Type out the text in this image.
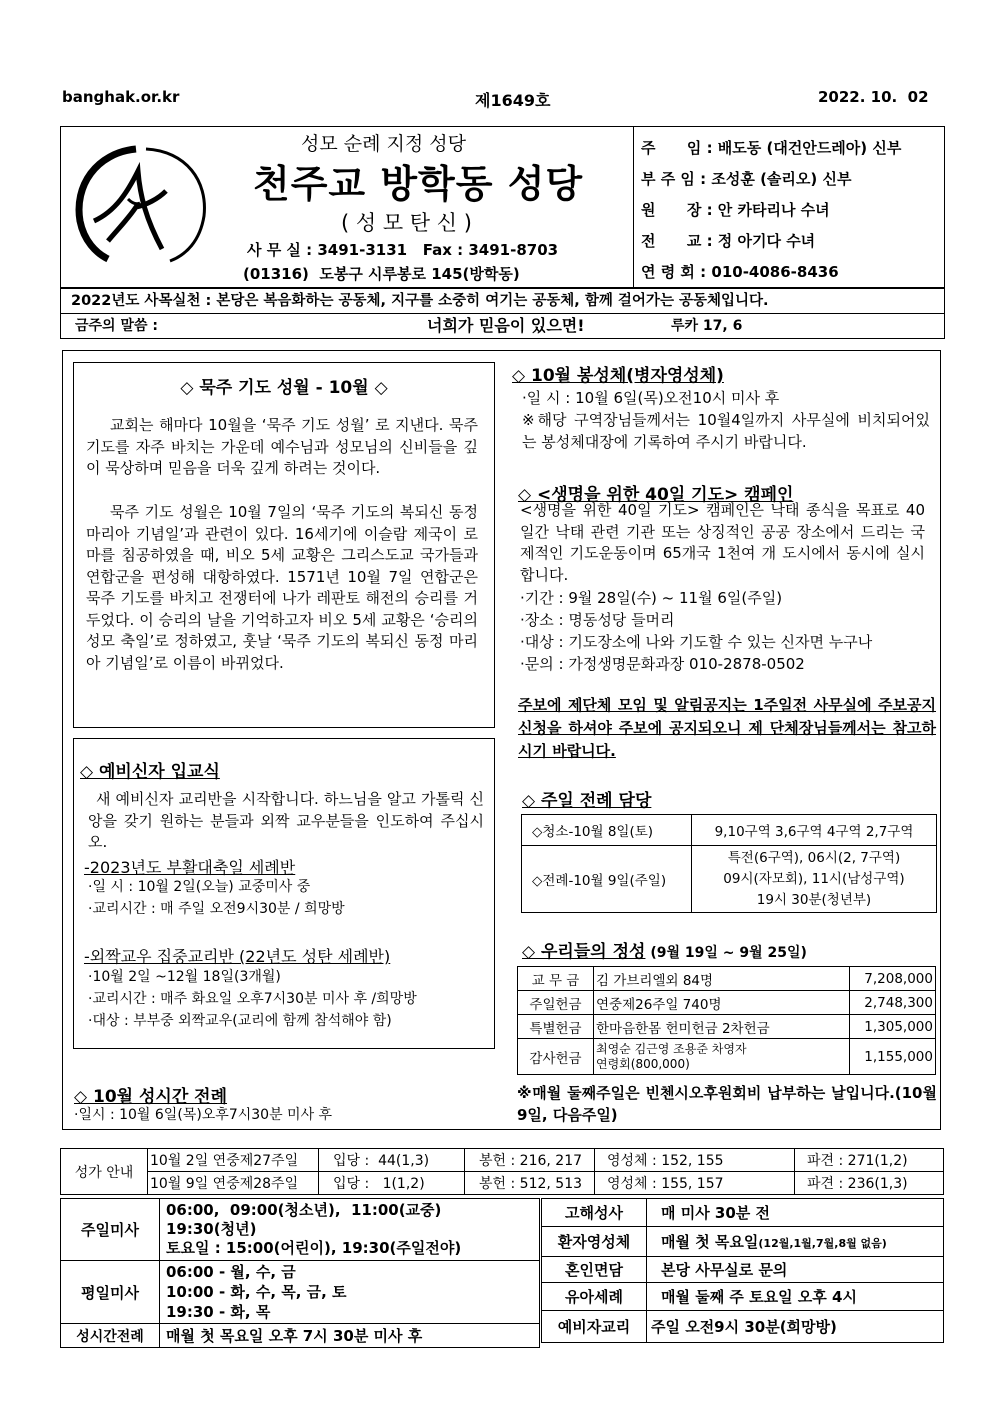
banghak.or.kr	제1649호	2022. 10.  02
성모 순례 지정 성당
천주교 방학동 성당
( 성 모 탄 신 )
사 무 실 : 3491-3131   Fax : 3491-8703
(01316)  도봉구 시루봉로 145(방학동)
주      임 : 배도동 (대건안드레아) 신부
부 주 임 : 조성훈 (솔리오) 신부
원      장 : 안 카타리나 수녀
전      교 : 정 아기다 수녀
연 령 회 : 010-4086-8436
2022년도 사목실천 : 본당은 복음화하는 공동체, 지구를 소중히 여기는 공동체, 함께 걸어가는 공동체입니다.
금주의 말씀 :	너희가 믿음이 있으면!	루카 17, 6
◇ 묵주 기도 성월 - 10월 ◇
교회는 해마다 10월을 ‘묵주 기도 성월’ 로 지낸다. 묵주기도를 자주 바치는 가운데 예수님과 성모님의 신비들을 깊이 묵상하며 믿음을 더욱 깊게 하려는 것이다.
묵주 기도 성월은 10월 7일의 ‘묵주 기도의 복되신 동정 마리아 기념일’과 관련이 있다. 16세기에 이슬람 제국이 로마를 침공하였을 때, 비오 5세 교황은 그리스도교 국가들과 연합군을 편성해 대항하였다. 1571년 10월 7일 연합군은 묵주 기도를 바치고 전쟁터에 나가 레판토 해전의 승리를 거두었다. 이 승리의 날을 기억하고자 비오 5세 교황은 ‘승리의 성모 축일’로 정하였고, 훗날 ‘묵주 기도의 복되신 동정 마리아 기념일’로 이름이 바뀌었다.
◇ 예비신자 입교식
새 예비신자 교리반을 시작합니다. 하느님을 알고 가톨릭 신앙을 갖기 원하는 분들과 외짝 교우분들을 인도하여 주십시오.
-2023년도 부활대축일 세례반
·일 시 : 10월 2일(오늘) 교중미사 중
·교리시간 : 매 주일 오전9시30분 / 희망방
-외짝교우 집중교리반 (22년도 성탄 세례반)
·10월 2일 ~12월 18일(3개월)
·교리시간 : 매주 화요일 오후7시30분 미사 후 /희망방
·대상 : 부부중 외짝교우(교리에 함께 참석해야 함)
◇ 10월 성시간 전례
·일시 : 10월 6일(목)오후7시30분 미사 후
◇ 10월 봉성체(병자영성체)
·일 시 : 10월 6일(목)오전10시 미사 후
※해당 구역장님들께서는 10월4일까지 사무실에 비치되어있는 봉성체대장에 기록하여 주시기 바랍니다.
◇ <생명을 위한 40일 기도> 캠페인
<생명을 위한 40일 기도> 캠페인은 낙태 종식을 목표로 40일간 낙태 관련 기관 또는 상징적인 공공 장소에서 드리는 국제적인 기도운동이며 65개국 1천여 개 도시에서 동시에 실시합니다.
·기간 : 9월 28일(수) ~ 11월 6일(주일)
·장소 : 명동성당 들머리
·대상 : 기도장소에 나와 기도할 수 있는 신자면 누구나
·문의 : 가정생명문화과장 010-2878-0502
주보에 제단체 모임 및 알림공지는 1주일전 사무실에 주보공지 신청을 하셔야 주보에 공지되오니 제 단체장님들께서는 참고하시기 바랍니다.
◇ 주일 전례 담당
◇청소-10월 8일(토)	9,10구역 3,6구역 4구역 2,7구역
◇전례-10월 9일(주일)	특전(6구역), 06시(2, 7구역)
09시(자모회), 11시(남성구역)
19시 30분(청년부)
◇ 우리들의 정성 (9월 19일 ~ 9월 25일)
교 무 금	김 가브리엘외 84명	7,208,000
주일헌금	연중제26주일 740명	2,748,300
특별헌금	한마음한몸 헌미헌금 2차헌금	1,305,000
감사헌금	최영순 김근영 조용준 차영자
연령회(800,000)	1,155,000
※매월 둘째주일은 빈첸시오후원회비 납부하는 날입니다.(10월 9일, 다음주일)
성가 안내	10월 2일 연중제27주일	입당 :  44(1,3)	봉헌 : 216, 217	영성체 : 152, 155	파견 : 271(1,2)
	10월 9일 연중제28주일	입당 :   1(1,2)	봉헌 : 512, 513	영성체 : 155, 157	파견 : 236(1,3)
주일미사	06:00,  09:00(청소년),  11:00(교중)
19:30(청년)
토요일 : 15:00(어린이), 19:30(주일전야)

평일미사	06:00 - 월, 수, 금
10:00 - 화, 수, 목, 금, 토
19:30 - 화, 목

성시간전례	매월 첫 목요일 오후 7시 30분 미사 후
고해성사	매 미사 30분 전
환자영성체	매월 첫 목요일(12월,1월,7월,8월 없음)
혼인면담	본당 사무실로 문의
유아세례	매월 둘째 주 토요일 오후 4시
예비자교리	주일 오전9시 30분(희망방)
